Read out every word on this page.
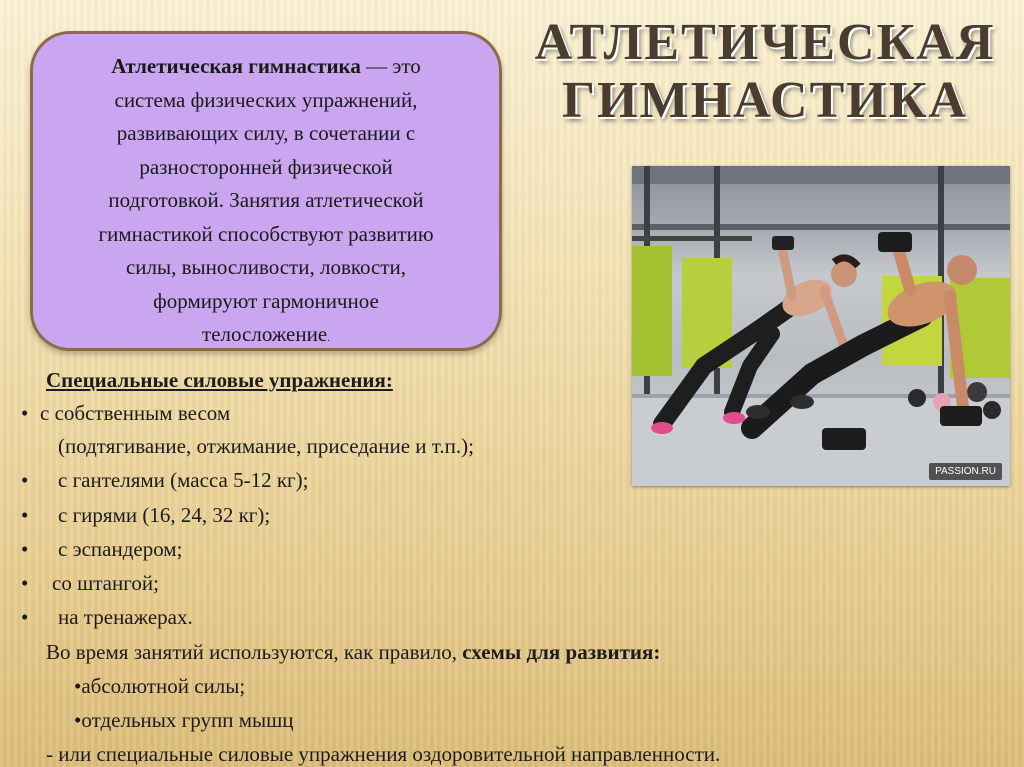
АТЛЕТИЧЕСКАЯ
ГИМНАСТИКА
Атлетическая гимнастика — это
система физических упражнений,
развивающих силу, в сочетании с
разносторонней физической
подготовкой. Занятия атлетической
гимнастикой способствуют развитию
силы, выносливости, ловкости,
формируют гармоничное
телосложение.
PASSION.RU
Специальные силовые упражнения:
• с собственным весом
(подтягивание, отжимание, приседание и т.п.);
• с гантелями (масса 5-12 кг);
• с гирями (16, 24, 32 кг);
• с эспандером;
• со штангой;
• на тренажерах.
Во время занятий используются, как правило, схемы для развития:
•абсолютной силы;
•отдельных групп мышц
- или специальные силовые упражнения оздоровительной направленности.
